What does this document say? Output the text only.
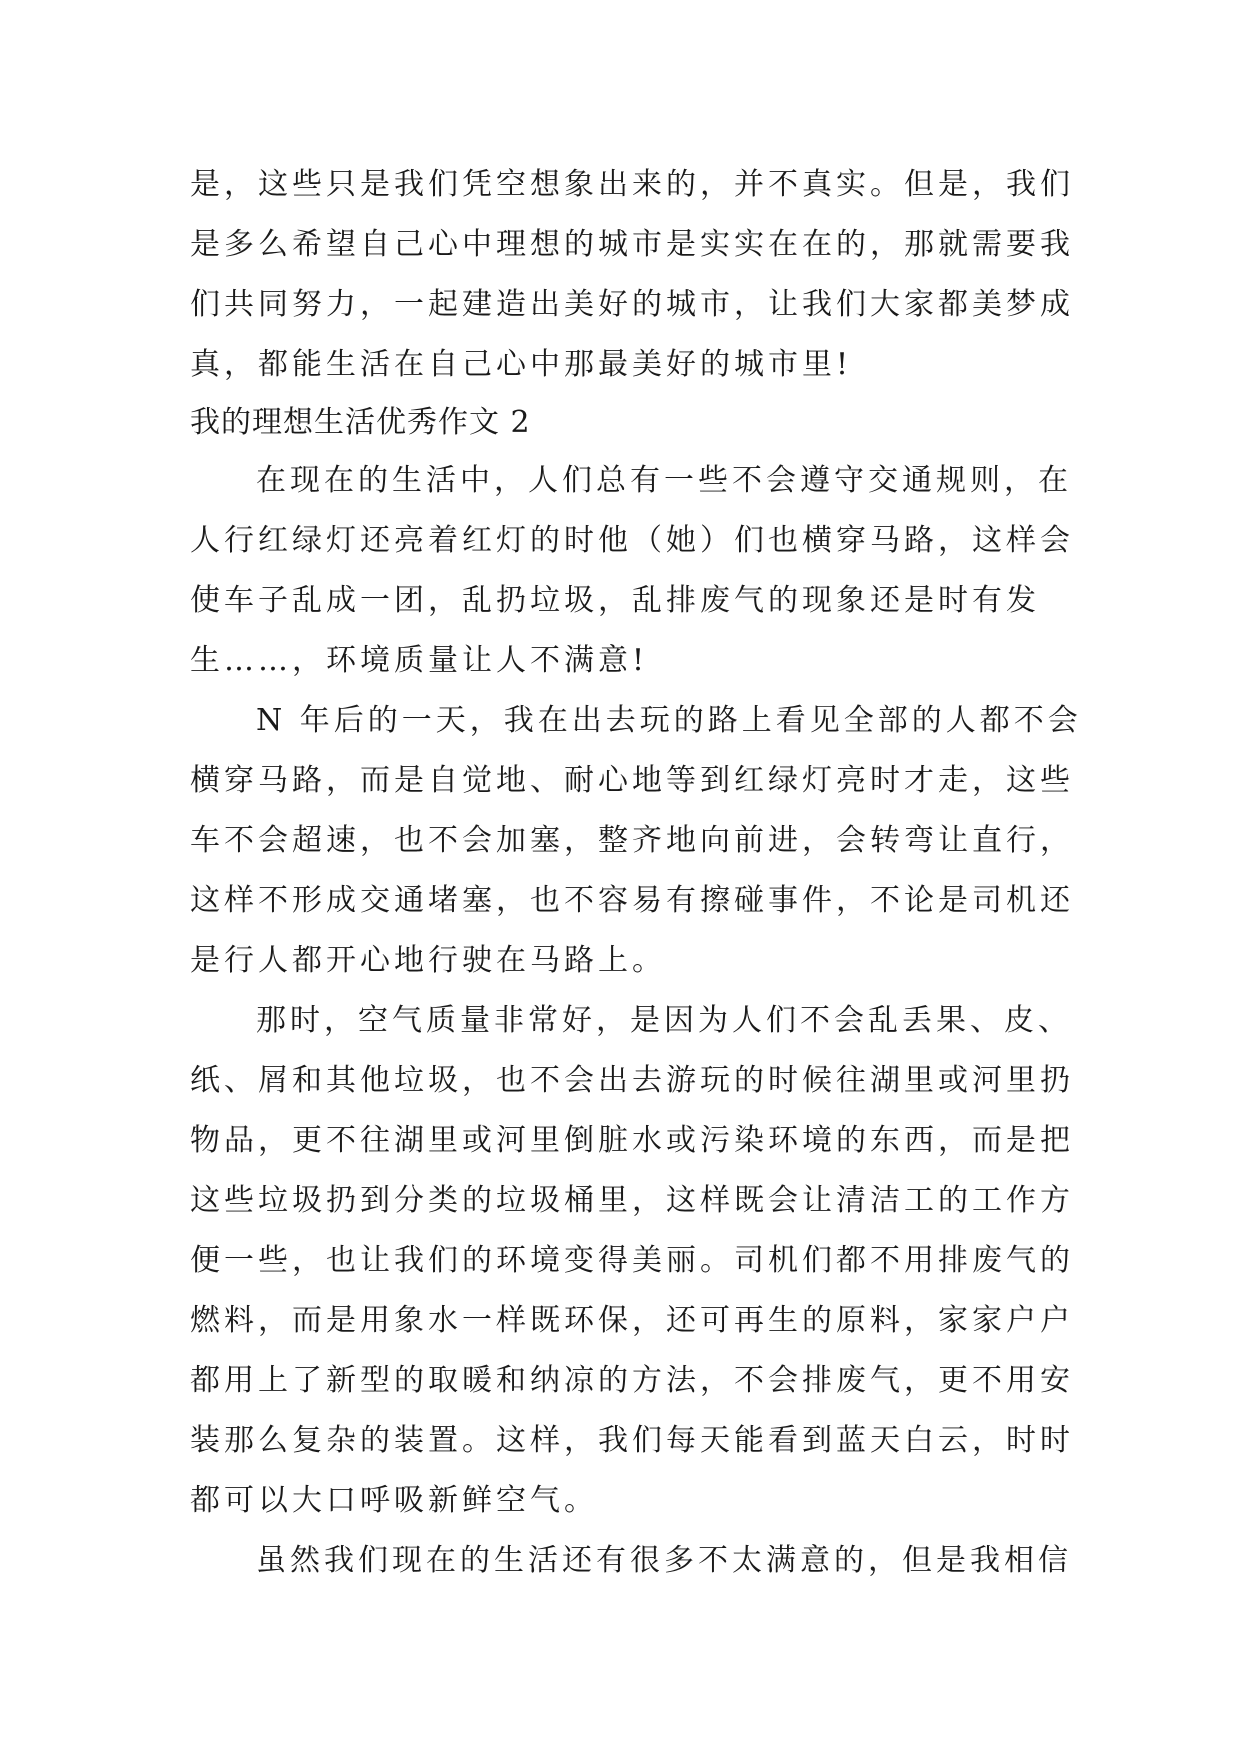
是，这些只是我们凭空想象出来的，并不真实。但是，我们
是多么希望自己心中理想的城市是实实在在的，那就需要我
们共同努力，一起建造出美好的城市，让我们大家都美梦成
真，都能生活在自己心中那最美好的城市里!
我的理想生活优秀作文 2
在现在的生活中，人们总有一些不会遵守交通规则，在
人行红绿灯还亮着红灯的时他（她）们也横穿马路，这样会
使车子乱成一团，乱扔垃圾，乱排废气的现象还是时有发
生……，环境质量让人不满意!
N 年后的一天，我在出去玩的路上看见全部的人都不会
横穿马路，而是自觉地、耐心地等到红绿灯亮时才走，这些
车不会超速，也不会加塞，整齐地向前进，会转弯让直行，
这样不形成交通堵塞，也不容易有擦碰事件，不论是司机还
是行人都开心地行驶在马路上。
那时，空气质量非常好，是因为人们不会乱丢果、皮、
纸、屑和其他垃圾，也不会出去游玩的时候往湖里或河里扔
物品，更不往湖里或河里倒脏水或污染环境的东西，而是把
这些垃圾扔到分类的垃圾桶里，这样既会让清洁工的工作方
便一些，也让我们的环境变得美丽。司机们都不用排废气的
燃料，而是用象水一样既环保，还可再生的原料，家家户户
都用上了新型的取暖和纳凉的方法，不会排废气，更不用安
装那么复杂的装置。这样，我们每天能看到蓝天白云，时时
都可以大口呼吸新鲜空气。
虽然我们现在的生活还有很多不太满意的，但是我相信
